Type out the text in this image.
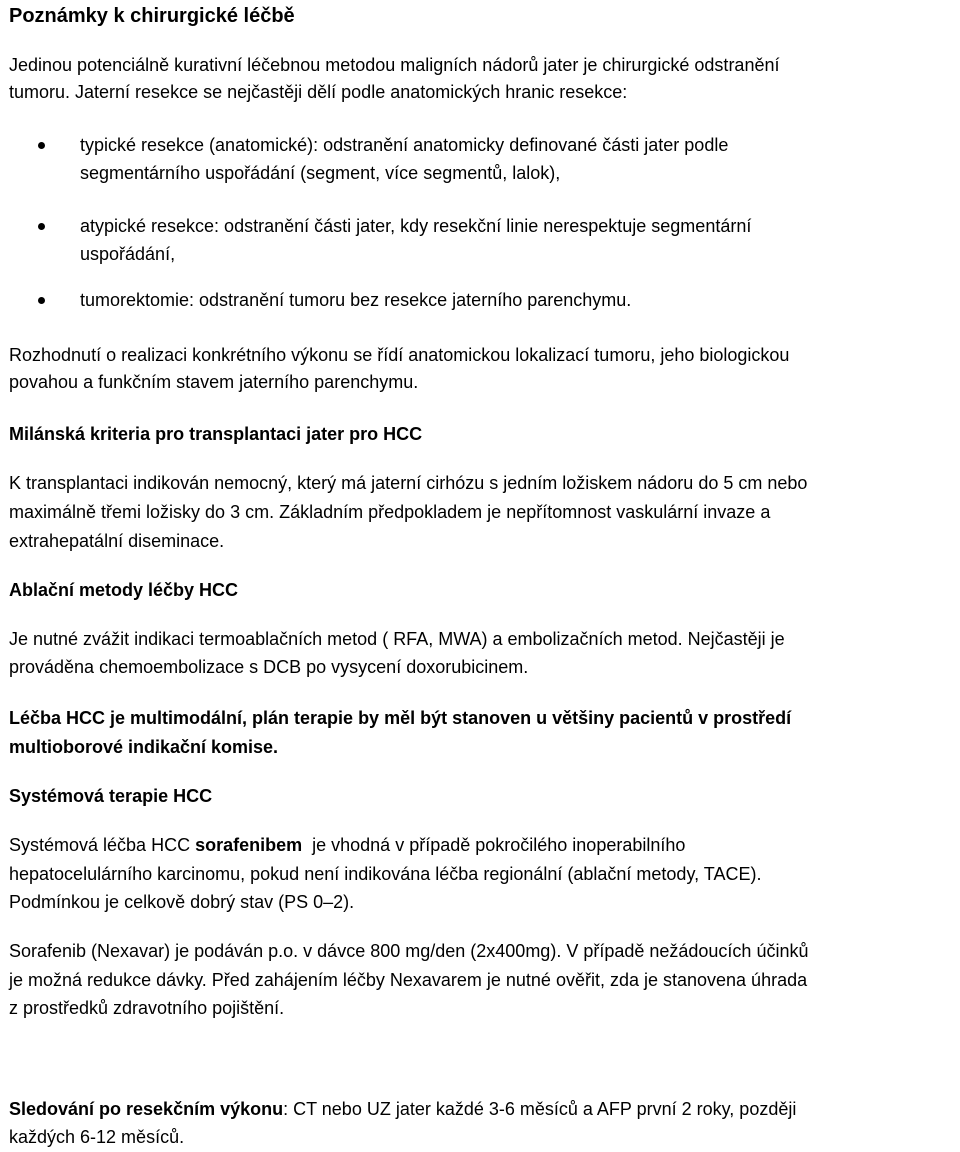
Poznámky k chirurgické léčbě
Jedinou potenciálně kurativní léčebnou metodou maligních nádorů jater je chirurgické odstranění
tumoru. Jaterní resekce se nejčastěji dělí podle anatomických hranic resekce:
typické resekce (anatomické): odstranění anatomicky definované části jater podle
segmentárního uspořádání (segment, více segmentů, lalok),
atypické resekce: odstranění části jater, kdy resekční linie nerespektuje segmentární
uspořádání,
tumorektomie: odstranění tumoru bez resekce jaterního parenchymu.
Rozhodnutí o realizaci konkrétního výkonu se řídí anatomickou lokalizací tumoru, jeho biologickou
povahou a funkčním stavem jaterního parenchymu.
Milánská kriteria pro transplantaci jater pro HCC
K transplantaci indikován nemocný, který má jaterní cirhózu s jedním ložiskem nádoru do 5 cm nebo
maximálně třemi ložisky do 3 cm. Základním předpokladem je nepřítomnost vaskulární invaze a
extrahepatální diseminace.
Ablační metody léčby HCC
Je nutné zvážit indikaci termoablačních metod ( RFA, MWA) a embolizačních metod. Nejčastěji je
prováděna chemoembolizace s DCB po vysycení doxorubicinem.
Léčba HCC je multimodální, plán terapie by měl být stanoven u většiny pacientů v prostředí
multioborové indikační komise.
Systémová terapie HCC
Systémová léčba HCC sorafenibem  je vhodná v případě pokročilého inoperabilního
hepatocelulárního karcinomu, pokud není indikována léčba regionální (ablační metody, TACE).
Podmínkou je celkově dobrý stav (PS 0–2).
Sorafenib (Nexavar) je podáván p.o. v dávce 800 mg/den (2x400mg). V případě nežádoucích účinků
je možná redukce dávky. Před zahájením léčby Nexavarem je nutné ověřit, zda je stanovena úhrada
z prostředků zdravotního pojištění.
Sledování po resekčním výkonu: CT nebo UZ jater každé 3-6 měsíců a AFP první 2 roky, později
každých 6-12 měsíců.
